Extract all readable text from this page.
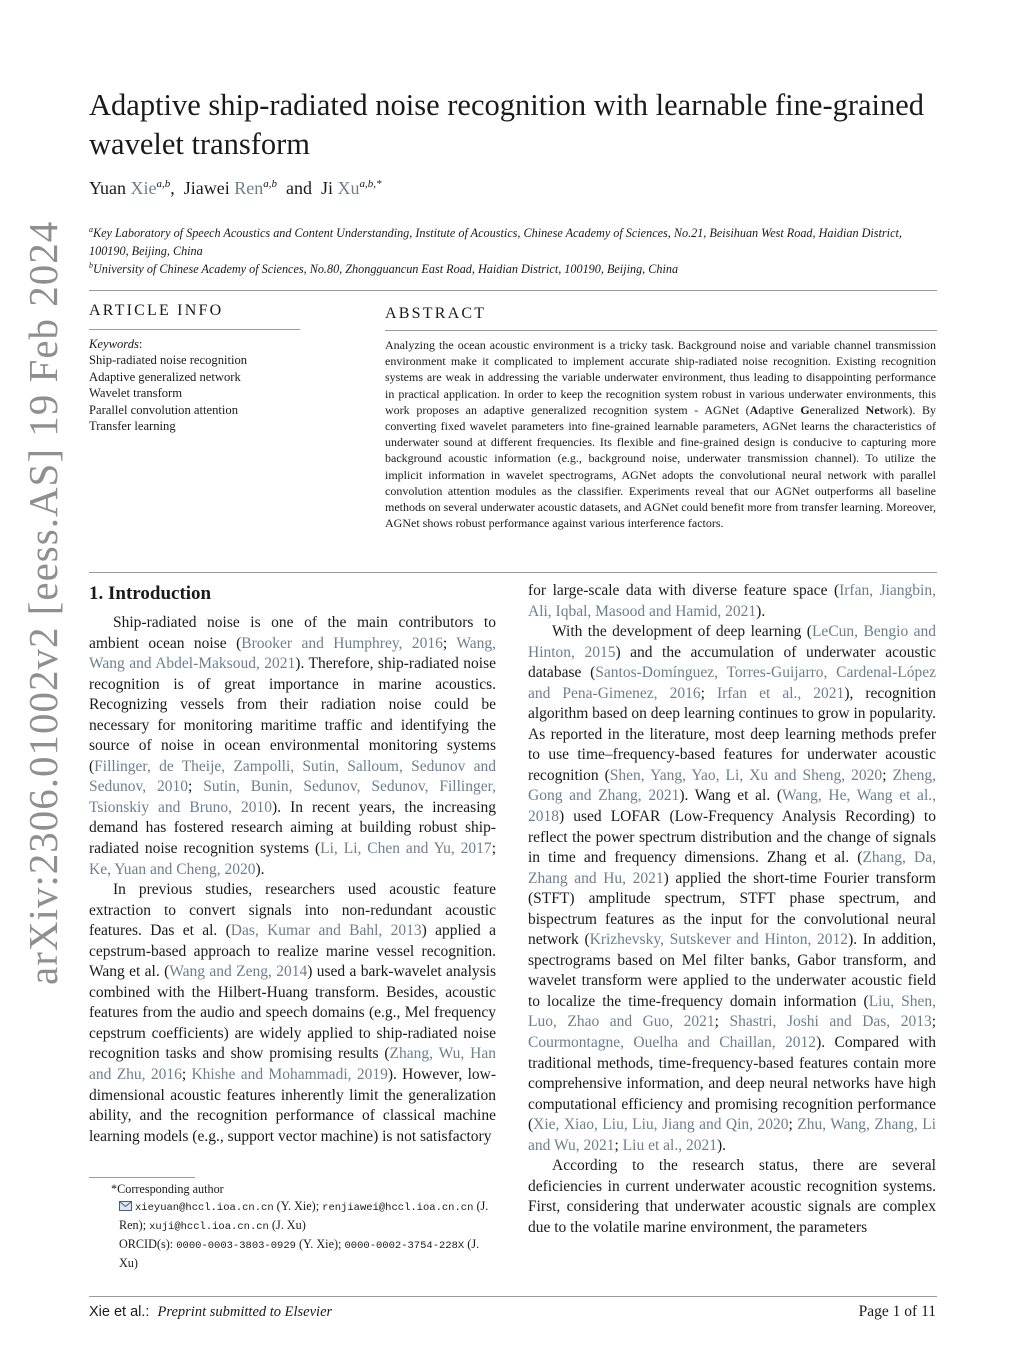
arXiv:2306.01002v2 [eess.AS] 19 Feb 2024
Adaptive ship-radiated noise recognition with learnable fine-grained wavelet transform
Yuan Xie$^{a,b}$,  Jiawei Ren$^{a,b}$ and Ji $Xu^{a,b,*}$
$^a$Key Laboratory of Speech Acoustics and Content Understanding, Institute of Acoustics, Chinese Academy of Sciences, No.21, Beisihuan West Road, Haidian District, 100190, Beijing, China
$^b$University of Chinese Academy of Sciences, No.80, Zhongguancun East Road, Haidian District, 100190, Beijing, China
ARTICLE INFO
Keywords:
Ship-radiated noise recognition
Adaptive generalized network
Wavelet transform
Parallel convolution attention
Transfer learning
ABSTRACT
Analyzing the ocean acoustic environment is a tricky task. Background noise and variable channel transmission environment make it complicated to implement accurate ship-radiated noise recognition. Existing recognition systems are weak in addressing the variable underwater environment, thus leading to disappointing performance in practical application. In order to keep the recognition system robust in various underwater environments, this work proposes an adaptive generalized recognition system - AGNet (Adaptive Generalized Network). By converting fixed wavelet parameters into fine-grained learnable parameters, AGNet learns the characteristics of underwater sound at different frequencies. Its flexible and fine-grained design is conducive to capturing more background acoustic information (e.g., background noise, underwater transmission channel). To utilize the implicit information in wavelet spectrograms, AGNet adopts the convolutional neural network with parallel convolution attention modules as the classifier. Experiments reveal that our AGNet outperforms all baseline methods on several underwater acoustic datasets, and AGNet could benefit more from transfer learning. Moreover, AGNet shows robust performance against various interference factors.
1. Introduction

Ship-radiated noise is one of the main contributors to ambient ocean noise (Brooker and Humphrey, 2016; Wang, Wang and Abdel-Maksoud, 2021). Therefore, ship-radiated noise recognition is of great importance in marine acoustics. Recognizing vessels from their radiation noise could be necessary for monitoring maritime traffic and identifying the source of noise in ocean environmental monitoring systems (Fillinger, de Theije, Zampolli, Sutin, Salloum, Sedunov and Sedunov, 2010; Sutin, Bunin, Sedunov, Sedunov, Fillinger, Tsionskiy and Bruno, 2010). In recent years, the increasing demand has fostered research aiming at building robust ship-radiated noise recognition systems (Li, Li, Chen and Yu, 2017; Ke, Yuan and Cheng, 2020).

In previous studies, researchers used acoustic feature extraction to convert signals into non-redundant acoustic features. Das et al. (Das, Kumar and Bahl, 2013) applied a cepstrum-based approach to realize marine vessel recognition. Wang et al. (Wang and Zeng, 2014) used a bark-wavelet analysis combined with the Hilbert-Huang transform. Besides, acoustic features from the audio and speech domains (e.g., Mel frequency cepstrum coefficients) are widely applied to ship-radiated noise recognition tasks and show promising results (Zhang, Wu, Han and Zhu, 2016; Khishe and Mohammadi, 2019). However, low-dimensional acoustic features inherently limit the generalization ability, and the recognition performance of classical machine learning models (e.g., support vector machine) is not satisfactory

for large-scale data with diverse feature space (Irfan, Jiangbin, Ali, Iqbal, Masood and Hamid, 2021).

With the development of deep learning (LeCun, Bengio and Hinton, 2015) and the accumulation of underwater acoustic database (Santos-Domínguez, Torres-Guijarro, Cardenal-López and Pena-Gimenez, 2016; Irfan et al., 2021), recognition algorithm based on deep learning continues to grow in popularity. As reported in the literature, most deep learning methods prefer to use time–frequency-based features for underwater acoustic recognition (Shen, Yang, Yao, Li, Xu and Sheng, 2020; Zheng, Gong and Zhang, 2021). Wang et al. (Wang, He, Wang et al., 2018) used LOFAR (Low-Frequency Analysis Recording) to reflect the power spectrum distribution and the change of signals in time and frequency dimensions. Zhang et al. (Zhang, Da, Zhang and Hu, 2021) applied the short-time Fourier transform (STFT) amplitude spectrum, STFT phase spectrum, and bispectrum features as the input for the convolutional neural network (Krizhevsky, Sutskever and Hinton, 2012). In addition, spectrograms based on Mel filter banks, Gabor transform, and wavelet transform were applied to the underwater acoustic field to localize the time-frequency domain information (Liu, Shen, Luo, Zhao and Guo, 2021; Shastri, Joshi and Das, 2013; Courmontagne, Ouelha and Chaillan, 2012). Compared with traditional methods, time-frequency-based features contain more comprehensive information, and deep neural networks have high computational efficiency and promising recognition performance (Xie, Xiao, Liu, Liu, Jiang and Qin, 2020; Zhu, Wang, Zhang, Li and Wu, 2021; Liu et al., 2021).

According to the research status, there are several deficiencies in current underwater acoustic recognition systems. First, considering that underwater acoustic signals are complex due to the volatile marine environment, the parameters

*Corresponding author
xieyuan@hccl.ioa.cn.cn (Y. Xie); renjiawei@hccl.ioa.cn.cn (J. Ren); xuji@hccl.ioa.cn.cn (J. Xu)
ORCID(s): 0000-0003-3803-0929 (Y. Xie); 0000-0002-3754-228X (J. Xu)
Xie et al.: Preprint submitted to Elsevier	Page 1 of 11
